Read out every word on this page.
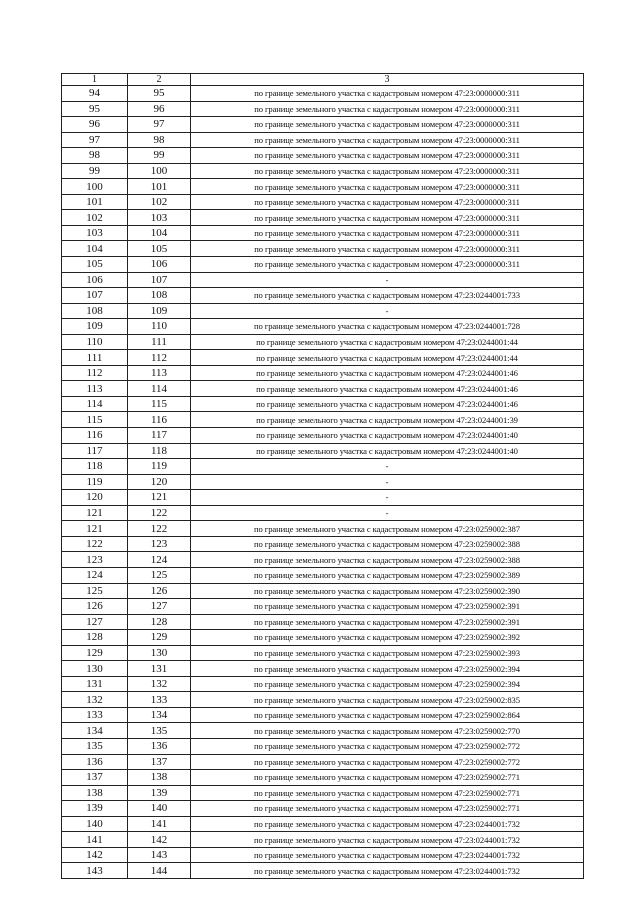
1	2	3
94	95	по границе земельного участка с кадастровым номером 47:23:0000000:311
95	96	по границе земельного участка с кадастровым номером 47:23:0000000:311
96	97	по границе земельного участка с кадастровым номером 47:23:0000000:311
97	98	по границе земельного участка с кадастровым номером 47:23:0000000:311
98	99	по границе земельного участка с кадастровым номером 47:23:0000000:311
99	100	по границе земельного участка с кадастровым номером 47:23:0000000:311
100	101	по границе земельного участка с кадастровым номером 47:23:0000000:311
101	102	по границе земельного участка с кадастровым номером 47:23:0000000:311
102	103	по границе земельного участка с кадастровым номером 47:23:0000000:311
103	104	по границе земельного участка с кадастровым номером 47:23:0000000:311
104	105	по границе земельного участка с кадастровым номером 47:23:0000000:311
105	106	по границе земельного участка с кадастровым номером 47:23:0000000:311
106	107	-
107	108	по границе земельного участка с кадастровым номером 47:23:0244001:733
108	109	-
109	110	по границе земельного участка с кадастровым номером 47:23:0244001:728
110	111	по границе земельного участка с кадастровым номером 47:23:0244001:44
111	112	по границе земельного участка с кадастровым номером 47:23:0244001:44
112	113	по границе земельного участка с кадастровым номером 47:23:0244001:46
113	114	по границе земельного участка с кадастровым номером 47:23:0244001:46
114	115	по границе земельного участка с кадастровым номером 47:23:0244001:46
115	116	по границе земельного участка с кадастровым номером 47:23:0244001:39
116	117	по границе земельного участка с кадастровым номером 47:23:0244001:40
117	118	по границе земельного участка с кадастровым номером 47:23:0244001:40
118	119	-
119	120	-
120	121	-
121	122	-
121	122	по границе земельного участка с кадастровым номером 47:23:0259002:387
122	123	по границе земельного участка с кадастровым номером 47:23:0259002:388
123	124	по границе земельного участка с кадастровым номером 47:23:0259002:388
124	125	по границе земельного участка с кадастровым номером 47:23:0259002:389
125	126	по границе земельного участка с кадастровым номером 47:23:0259002:390
126	127	по границе земельного участка с кадастровым номером 47:23:0259002:391
127	128	по границе земельного участка с кадастровым номером 47:23:0259002:391
128	129	по границе земельного участка с кадастровым номером 47:23:0259002:392
129	130	по границе земельного участка с кадастровым номером 47:23:0259002:393
130	131	по границе земельного участка с кадастровым номером 47:23:0259002:394
131	132	по границе земельного участка с кадастровым номером 47:23:0259002:394
132	133	по границе земельного участка с кадастровым номером 47:23:0259002:835
133	134	по границе земельного участка с кадастровым номером 47:23:0259002:864
134	135	по границе земельного участка с кадастровым номером 47:23:0259002:770
135	136	по границе земельного участка с кадастровым номером 47:23:0259002:772
136	137	по границе земельного участка с кадастровым номером 47:23:0259002:772
137	138	по границе земельного участка с кадастровым номером 47:23:0259002:771
138	139	по границе земельного участка с кадастровым номером 47:23:0259002:771
139	140	по границе земельного участка с кадастровым номером 47:23:0259002:771
140	141	по границе земельного участка с кадастровым номером 47:23:0244001:732
141	142	по границе земельного участка с кадастровым номером 47:23:0244001:732
142	143	по границе земельного участка с кадастровым номером 47:23:0244001:732
143	144	по границе земельного участка с кадастровым номером 47:23:0244001:732
